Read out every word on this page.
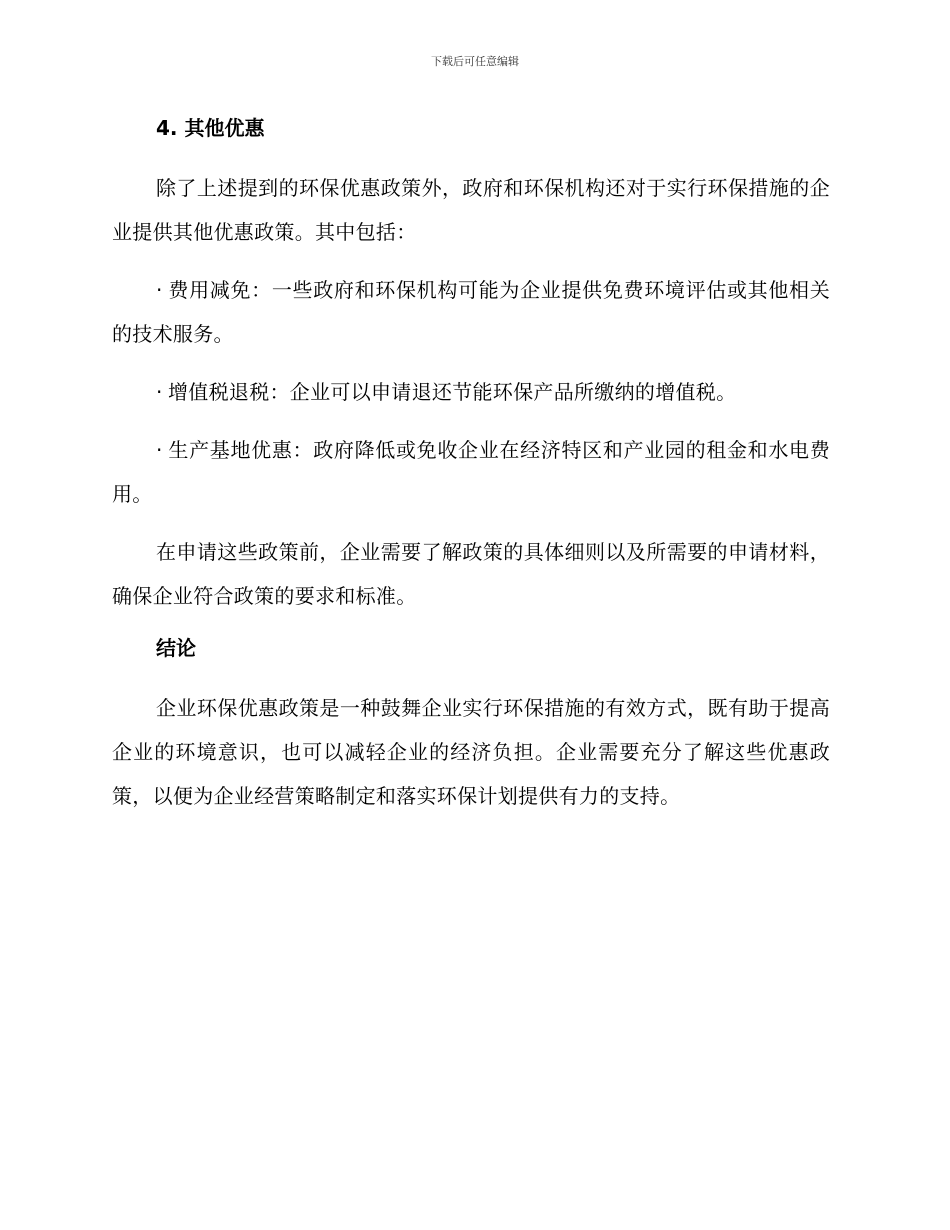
下载后可任意编辑
4. 其他优惠

除了上述提到的环保优惠政策外，政府和环保机构还对于实行环保措施的企业提供其他优惠政策。其中包括：

· 费用减免：一些政府和环保机构可能为企业提供免费环境评估或其他相关的技术服务。

· 增值税退税：企业可以申请退还节能环保产品所缴纳的增值税。

· 生产基地优惠：政府降低或免收企业在经济特区和产业园的租金和水电费用。

在申请这些政策前，企业需要了解政策的具体细则以及所需要的申请材料，确保企业符合政策的要求和标准。

结论

企业环保优惠政策是一种鼓舞企业实行环保措施的有效方式，既有助于提高企业的环境意识，也可以减轻企业的经济负担。企业需要充分了解这些优惠政策，以便为企业经营策略制定和落实环保计划提供有力的支持。
